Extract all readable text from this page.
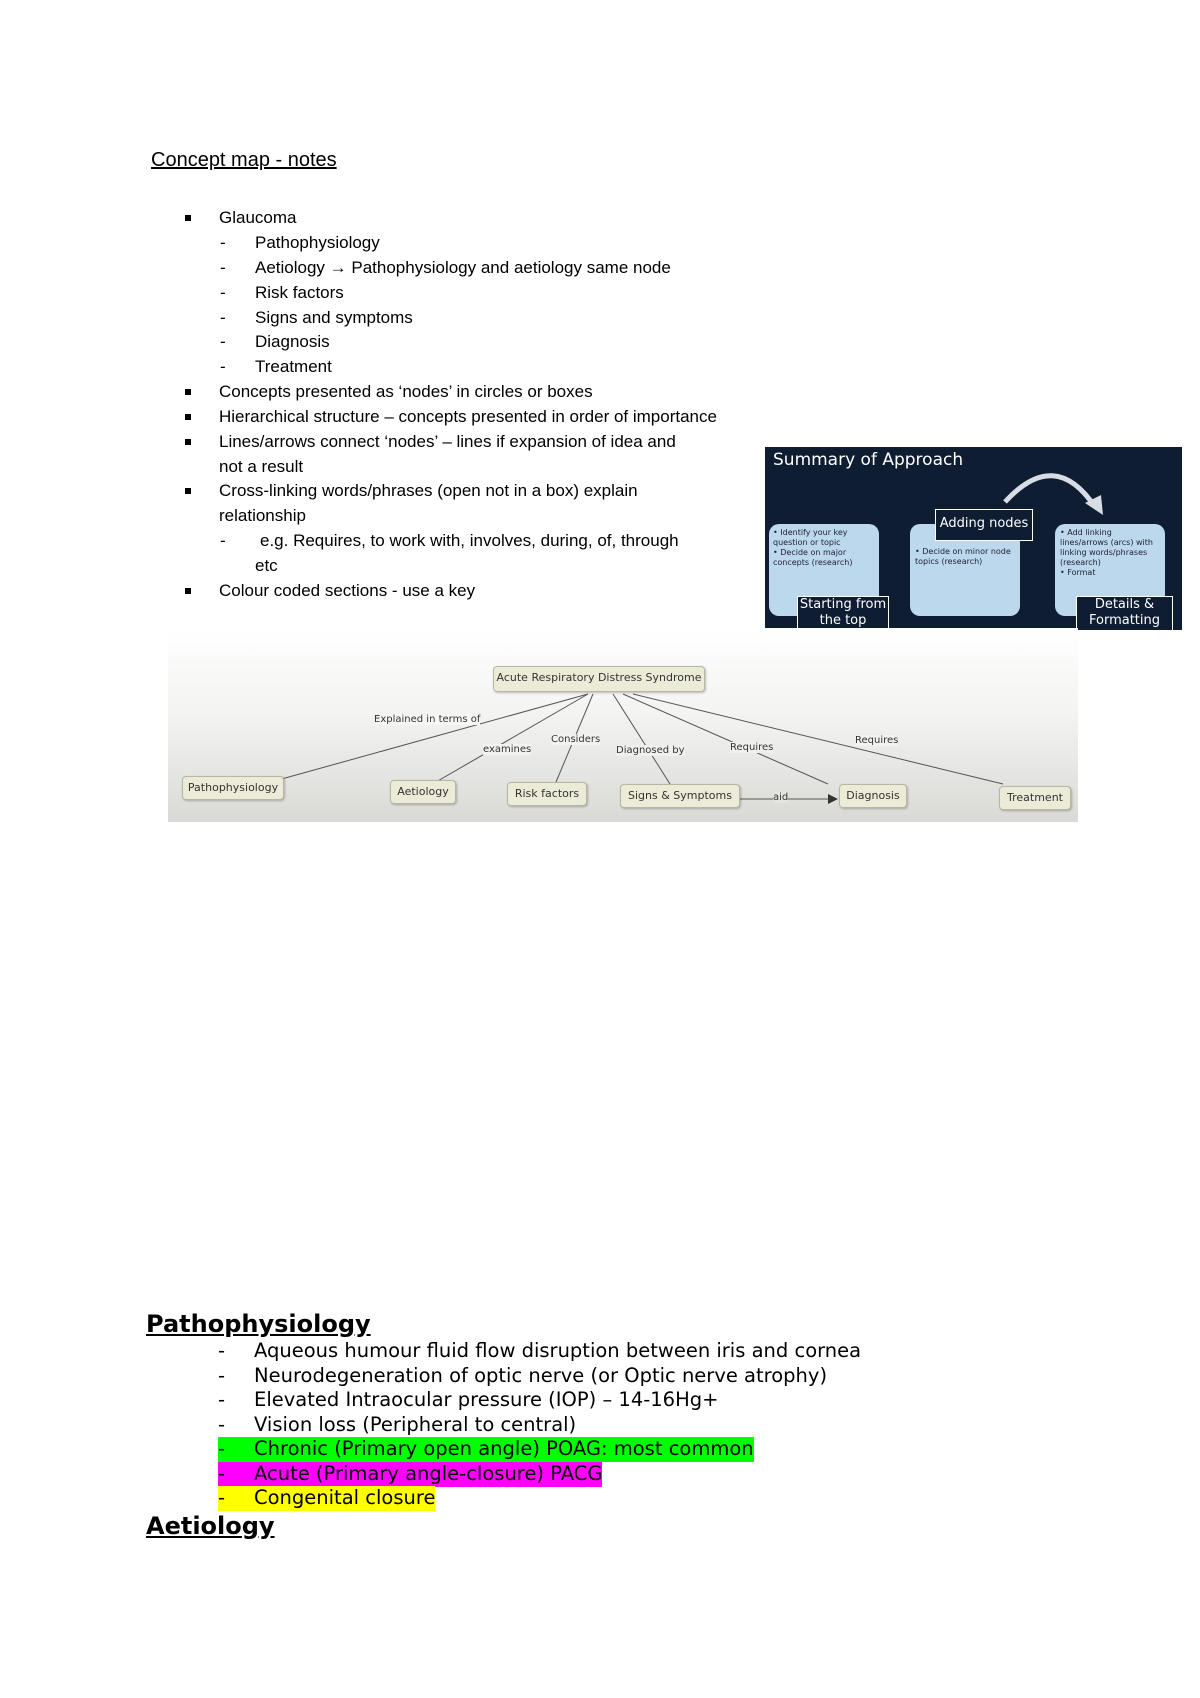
Concept map - notes
Glaucoma
- Pathophysiology
- Aetiology → Pathophysiology and aetiology same node
- Risk factors
- Signs and symptoms
- Diagnosis
- Treatment
Concepts presented as ‘nodes’ in circles or boxes
Hierarchical structure – concepts presented in order of importance
Lines/arrows connect ‘nodes’ – lines if expansion of idea and
not a result
Cross-linking words/phrases (open not in a box) explain
relationship
- e.g. Requires, to work with, involves, during, of, through
etc
Colour coded sections - use a key
Summary of Approach
• Identify your key question or topic
• Decide on major concepts (research)
• Decide on minor node topics (research)
• Add linking lines/arrows (arcs) with linking words/phrases (research)
• Format
Starting from the top
Adding nodes
Details & Formatting
Acute Respiratory Distress Syndrome
Pathophysiology	Aetiology	Risk factors	Signs & Symptoms	Diagnosis	Treatment
Explained in terms of
examines
Considers
Diagnosed by	Requires
Requires
aid
Pathophysiology
- Aqueous humour fluid flow disruption between iris and cornea
- Neurodegeneration of optic nerve (or Optic nerve atrophy)
- Elevated Intraocular pressure (IOP) – 14-16Hg+
- Vision loss (Peripheral to central)
- Chronic (Primary open angle) POAG: most common
- Acute (Primary angle-closure) PACG
- Congenital closure
Aetiology
